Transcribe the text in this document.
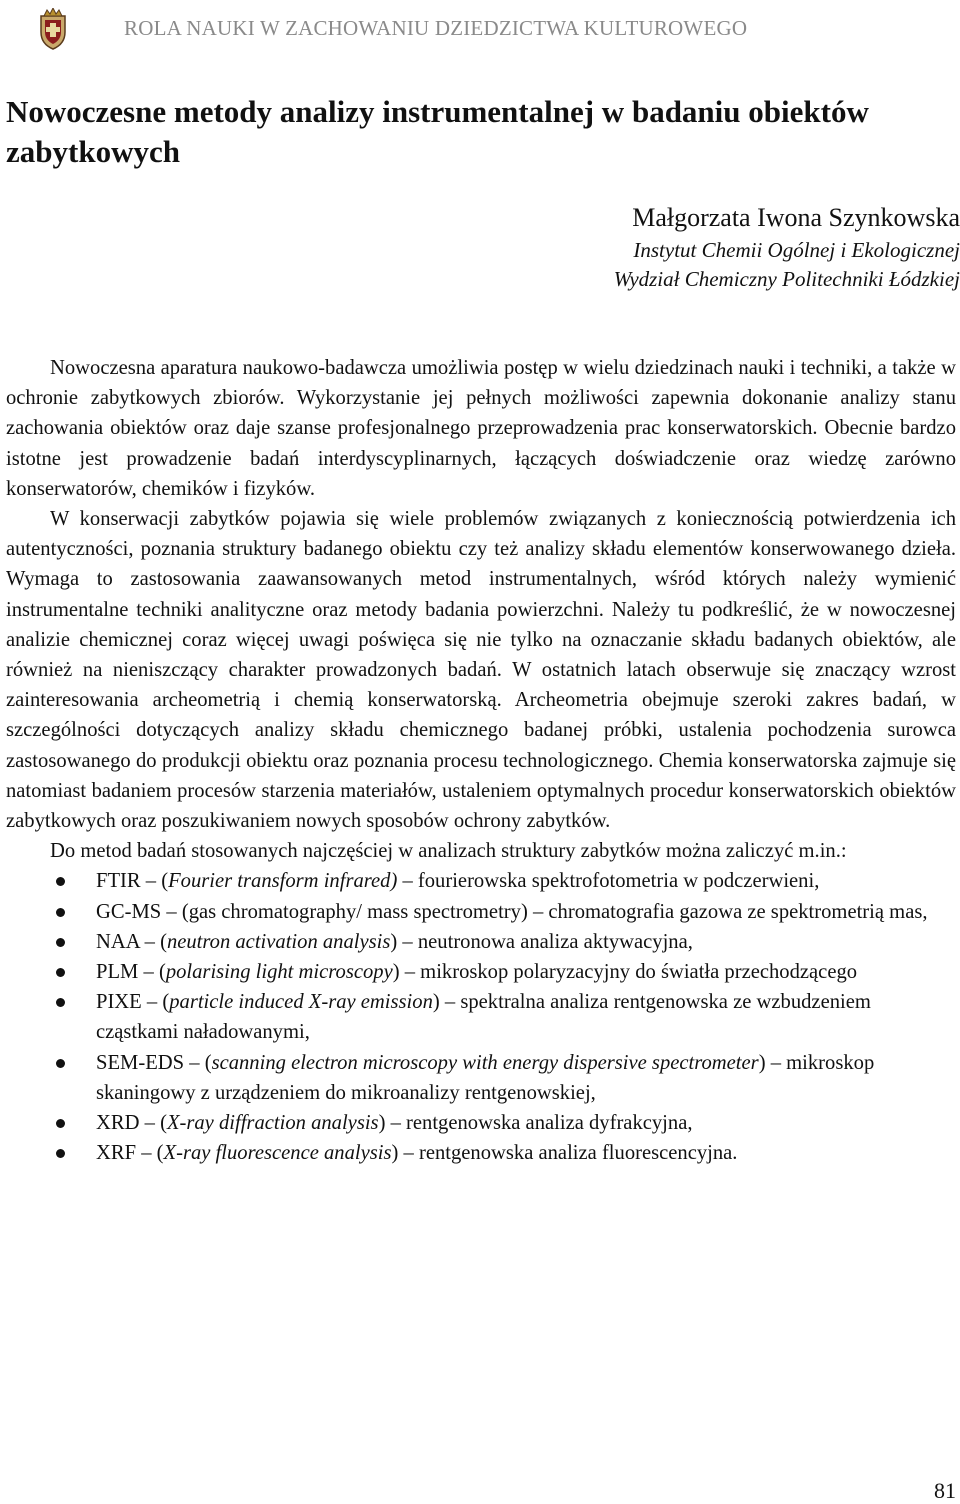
ROLA NAUKI W ZACHOWANIU DZIEDZICTWA KULTUROWEGO
Nowoczesne metody analizy instrumentalnej w badaniu obiektów zabytkowych
Małgorzata Iwona Szynkowska
Instytut Chemii Ogólnej i Ekologicznej
Wydział Chemiczny Politechniki Łódzkiej

Nowoczesna aparatura naukowo-badawcza umożliwia postęp w wielu dziedzinach nauki i techniki, a także w ochronie zabytkowych zbiorów. Wykorzystanie jej pełnych możliwości zapewnia dokonanie analizy stanu zachowania obiektów oraz daje szanse profesjonalnego przeprowadzenia prac konserwatorskich. Obecnie bardzo istotne jest prowadzenie badań interdyscyplinarnych, łączących doświadczenie oraz wiedzę zarówno konserwatorów, chemików i fizyków.

W konserwacji zabytków pojawia się wiele problemów związanych z koniecznością potwierdzenia ich autentyczności, poznania struktury badanego obiektu czy też analizy składu elementów konserwowanego dzieła. Wymaga to zastosowania zaawansowanych metod instrumentalnych, wśród których należy wymienić instrumentalne techniki analityczne oraz metody badania powierzchni. Należy tu podkreślić, że w nowoczesnej analizie chemicznej coraz więcej uwagi poświęca się nie tylko na oznaczanie składu badanych obiektów, ale również na nieniszczący charakter prowadzonych badań. W ostatnich latach obserwuje się znaczący wzrost zainteresowania archeometrią i chemią konserwatorską. Archeometria obejmuje szeroki zakres badań, w szczególności dotyczących analizy składu chemicznego badanej próbki, ustalenia pochodzenia surowca zastosowanego do produkcji obiektu oraz poznania procesu technologicznego. Chemia konserwatorska zajmuje się natomiast badaniem procesów starzenia materiałów, ustaleniem optymalnych procedur konserwatorskich obiektów zabytkowych oraz poszukiwaniem nowych sposobów ochrony zabytków.

Do metod badań stosowanych najczęściej w analizach struktury zabytków można zaliczyć m.in.:

FTIR – (Fourier transform infrared) – fourierowska spektrofotometria w podczerwieni,
GC-MS – (gas chromatography/ mass spectrometry) – chromatografia gazowa ze spektrometrią mas,
NAA – (neutron activation analysis) – neutronowa analiza aktywacyjna,
PLM – (polarising light microscopy) – mikroskop polaryzacyjny do światła przechodzącego
PIXE – (particle induced X-ray emission) – spektralna analiza rentgenowska ze wzbudzeniem cząstkami naładowanymi,
SEM-EDS – (scanning electron microscopy with energy dispersive spectrometer) – mikroskop skaningowy z urządzeniem do mikroanalizy rentgenowskiej,
XRD – (X-ray diffraction analysis) – rentgenowska analiza dyfrakcyjna,
XRF – (X-ray fluorescence analysis) – rentgenowska analiza fluorescencyjna.
81
